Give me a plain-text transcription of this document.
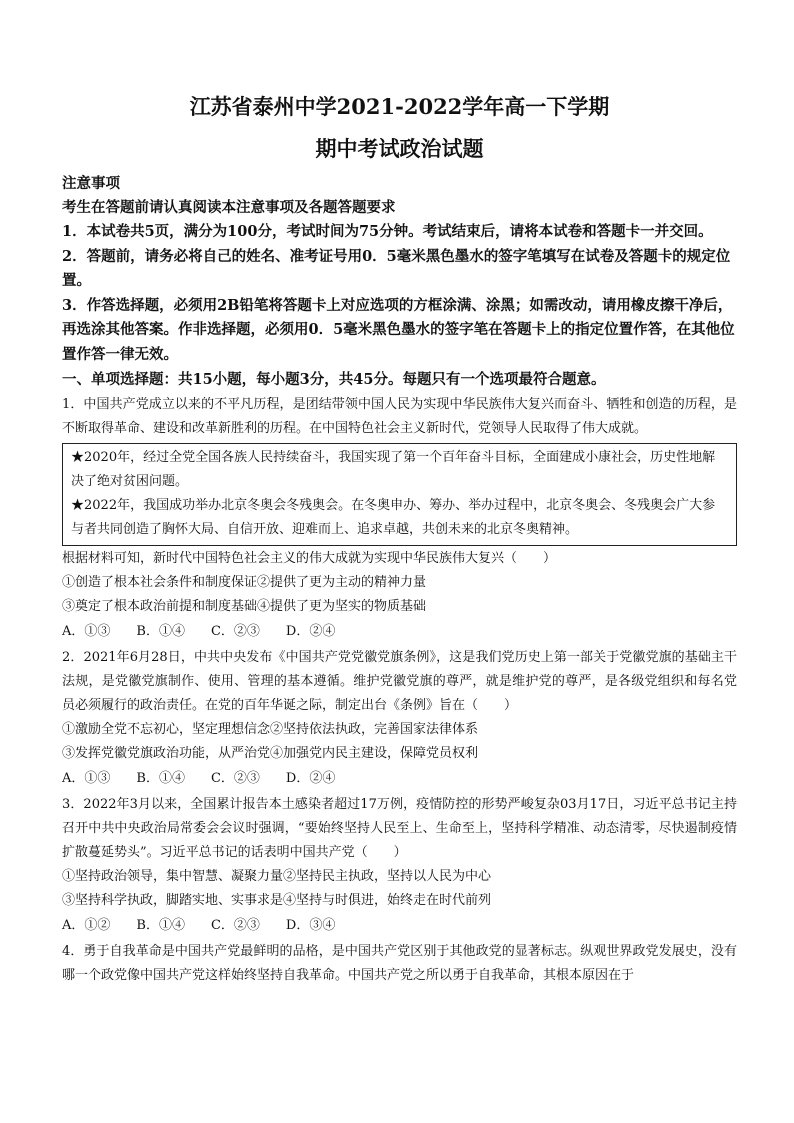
江苏省泰州中学2021-2022学年高一下学期
期中考试政治试题

注意事项

考生在答题前请认真阅读本注意事项及各题答题要求

1．本试卷共5页，满分为100分，考试时间为75分钟。考试结束后，请将本试卷和答题卡一并交回。

2．答题前，请务必将自己的姓名、准考证号用0．5毫米黑色墨水的签字笔填写在试卷及答题卡的规定位置。

3．作答选择题，必须用2B铅笔将答题卡上对应选项的方框涂满、涂黑；如需改动，请用橡皮擦干净后，再选涂其他答案。作非选择题，必须用0．5毫米黑色墨水的签字笔在答题卡上的指定位置作答，在其他位置作答一律无效。

一、单项选择题：共15小题，每小题3分，共45分。每题只有一个选项最符合题意。

1．中国共产党成立以来的不平凡历程，是团结带领中国人民为实现中华民族伟大复兴而奋斗、牺牲和创造的历程，是不断取得革命、建设和改革新胜利的历程。在中国特色社会主义新时代，党领导人民取得了伟大成就。

★2020年，经过全党全国各族人民持续奋斗，我国实现了第一个百年奋斗目标，全面建成小康社会，历史性地解决了绝对贫困问题。

★2022年，我国成功举办北京冬奥会冬残奥会。在冬奥申办、筹办、举办过程中，北京冬奥会、冬残奥会广大参与者共同创造了胸怀大局、自信开放、迎难而上、追求卓越，共创未来的北京冬奥精神。

根据材料可知，新时代中国特色社会主义的伟大成就为实现中华民族伟大复兴（　　）

①创造了根本社会条件和制度保证②提供了更为主动的精神力量

③奠定了根本政治前提和制度基础④提供了更为坚实的物质基础

A．①③ B．①④ C．②③ D．②④

2．2021年6月28日，中共中央发布《中国共产党党徽党旗条例》，这是我们党历史上第一部关于党徽党旗的基础主干法规，是党徽党旗制作、使用、管理的基本遵循。维护党徽党旗的尊严，就是维护党的尊严，是各级党组织和每名党员必须履行的政治责任。在党的百年华诞之际，制定出台《条例》旨在（　　）

①激励全党不忘初心，坚定理想信念②坚持依法执政，完善国家法律体系

③发挥党徽党旗政治功能，从严治党④加强党内民主建设，保障党员权利

A．①③ B．①④ C．②③ D．②④

3．2022年3月以来，全国累计报告本土感染者超过17万例，疫情防控的形势严峻复杂03月17日，习近平总书记主持召开中共中央政治局常委会会议时强调，“要始终坚持人民至上、生命至上，坚持科学精准、动态清零，尽快遏制疫情扩散蔓延势头”。习近平总书记的话表明中国共产党（　　）

①坚持政治领导，集中智慧、凝聚力量②坚持民主执政，坚持以人民为中心

③坚持科学执政，脚踏实地、实事求是④坚持与时俱进，始终走在时代前列

A．①② B．①④ C．②③ D．③④

4．勇于自我革命是中国共产党最鲜明的品格，是中国共产党区别于其他政党的显著标志。纵观世界政党发展史，没有哪一个政党像中国共产党这样始终坚持自我革命。中国共产党之所以勇于自我革命，其根本原因在于
